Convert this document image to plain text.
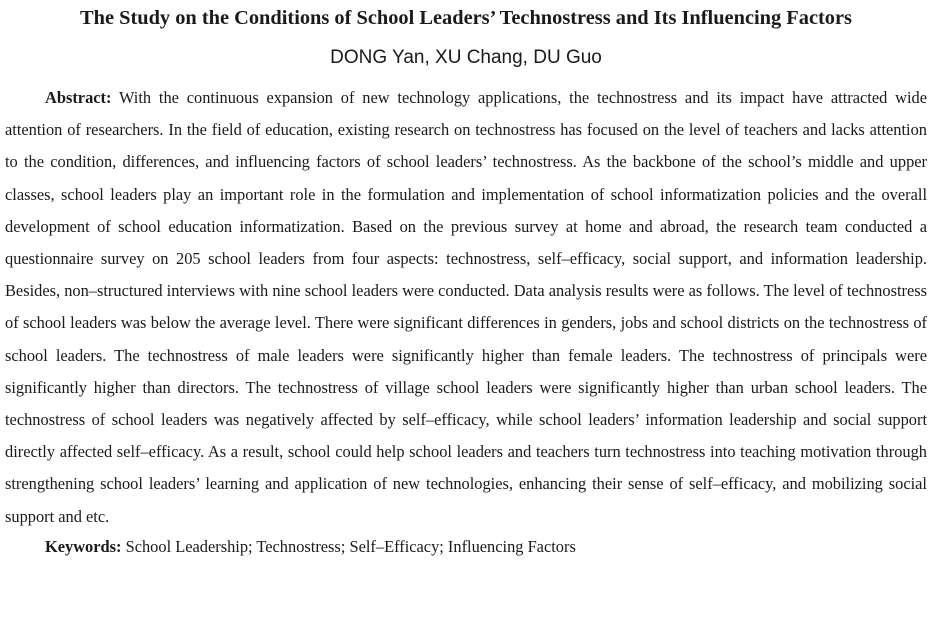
The Study on the Conditions of School Leaders’ Technostress and Its Influencing Factors

DONG Yan, XU Chang, DU Guo

Abstract: With the continuous expansion of new technology applications, the technostress and its impact have attracted wide attention of researchers. In the field of education, existing research on technostress has focused on the level of teachers and lacks attention to the condition, differences, and influencing factors of school leaders’ technostress. As the backbone of the school’s middle and upper classes, school leaders play an important role in the formulation and implementation of school informatization policies and the overall development of school education informatization. Based on the previous survey at home and abroad, the research team conducted a questionnaire survey on 205 school leaders from four aspects: technostress, self–efficacy, social support, and information leadership. Besides, non–structured interviews with nine school leaders were conducted. Data analysis results were as follows. The level of technostress of school leaders was below the average level. There were significant differences in genders, jobs and school districts on the technostress of school leaders. The technostress of male leaders were significantly higher than female leaders. The technostress of principals were significantly higher than directors. The technostress of village school leaders were significantly higher than urban school leaders. The technostress of school leaders was negatively affected by self–efficacy, while school leaders’ information leadership and social support directly affected self–efficacy. As a result, school could help school leaders and teachers turn technostress into teaching motivation through strengthening school leaders’ learning and application of new technologies, enhancing their sense of self–efficacy, and mobilizing social support and etc.

Keywords: School Leadership; Technostress; Self–Efficacy; Influencing Factors
